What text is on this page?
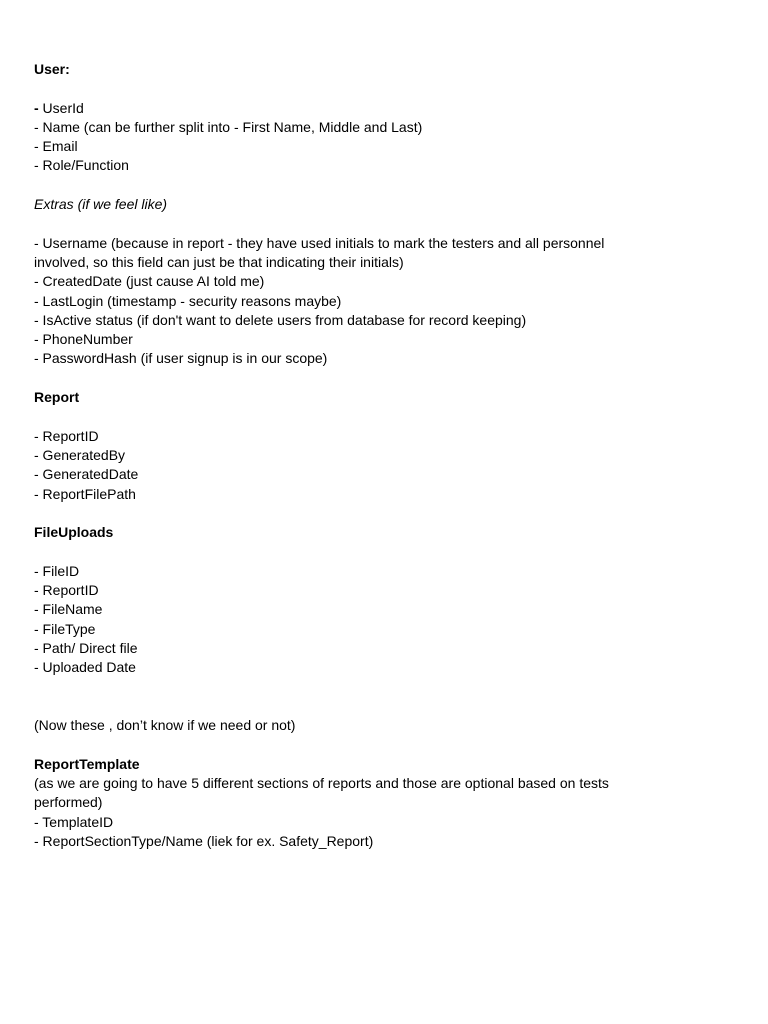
User:
- UserId
- Name (can be further split into - First Name, Middle and Last)
- Email
- Role/Function
Extras (if we feel like)
- Username (because in report - they have used initials to mark the testers and all personnel involved, so this field can just be that indicating their initials)
- CreatedDate (just cause AI told me)
- LastLogin (timestamp - security reasons maybe)
- IsActive status (if don't want to delete users from database for record keeping)
- PhoneNumber
- PasswordHash (if user signup is in our scope)
Report
- ReportID
- GeneratedBy
- GeneratedDate
- ReportFilePath
FileUploads
- FileID
- ReportID
- FileName
- FileType
- Path/ Direct file
- Uploaded Date
(Now these , don’t know if we need or not)
ReportTemplate
(as we are going to have 5 different sections of reports and those are optional based on tests performed)
- TemplateID
- ReportSectionType/Name (liek for ex. Safety_Report)
